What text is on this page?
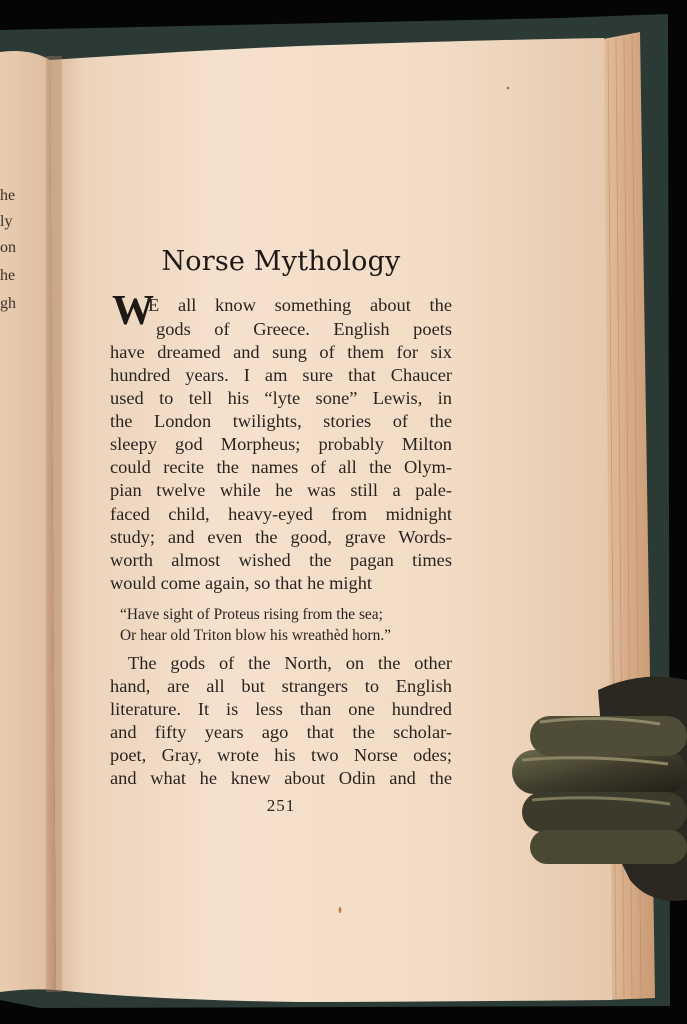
he
ly
on
he
gh
Norse Mythology
W
E all know something about the
gods of Greece. English poets
have dreamed and sung of them for six
hundred years. I am sure that Chaucer
used to tell his “lyte sone” Lewis, in
the London twilights, stories of the
sleepy god Morpheus; probably Milton
could recite the names of all the Olym-
pian twelve while he was still a pale-
faced child, heavy-eyed from midnight
study; and even the good, grave Words-
worth almost wished the pagan times
would come again, so that he might
“Have sight of Proteus rising from the sea;
Or hear old Triton blow his wreathèd horn.”
The gods of the North, on the other
hand, are all but strangers to English
literature. It is less than one hundred
and fifty years ago that the scholar-
poet, Gray, wrote his two Norse odes;
and what he knew about Odin and the
251
